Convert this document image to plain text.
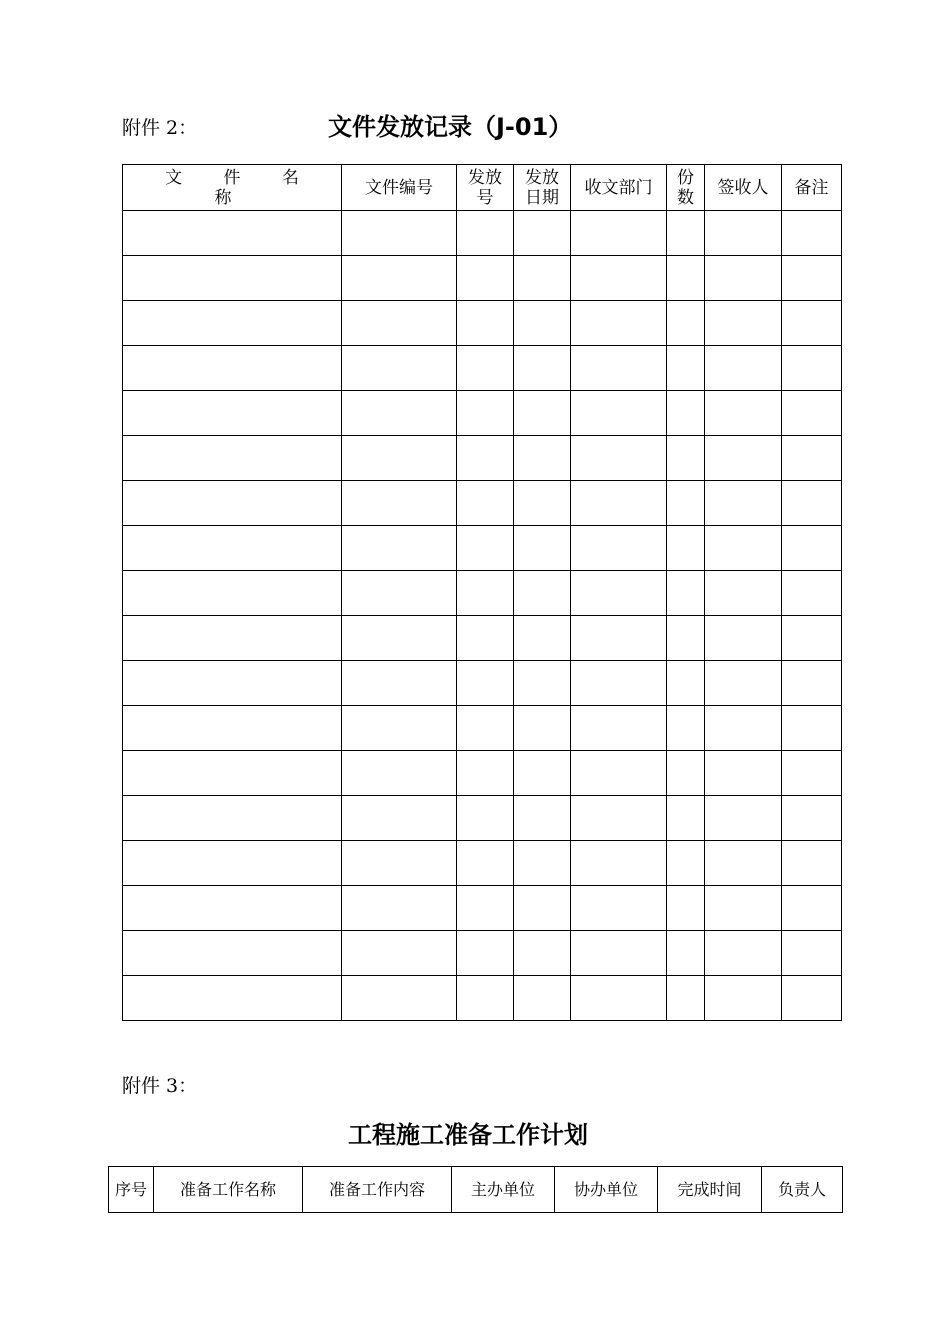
附件 2：	文件发放记录（J-01）
文 件 名 称	文件编号	发放号	发放日期	收文部门	份数	签收人	备注

附件 3：
工程施工准备工作计划
序号	准备工作名称	准备工作内容	主办单位	协办单位	完成时间	负责人
